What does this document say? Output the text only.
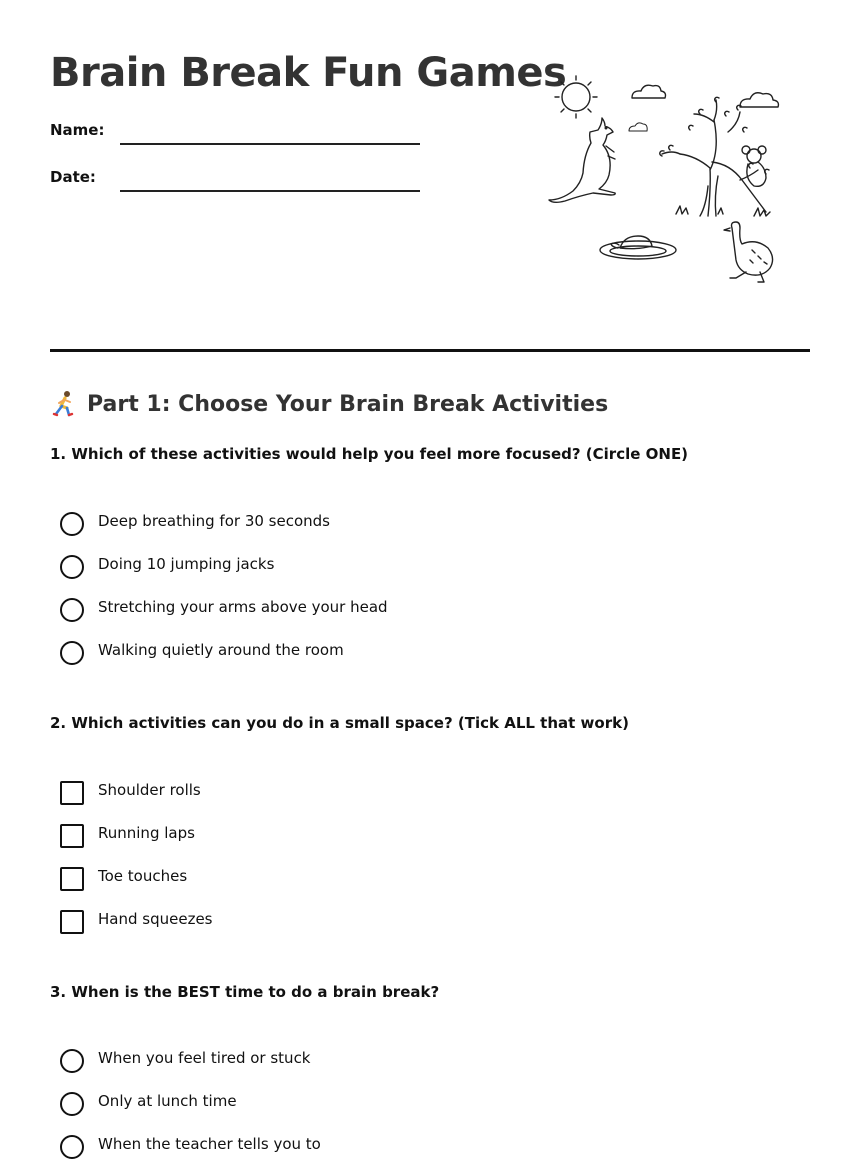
Brain Break Fun Games
Name:
Date:
Part 1: Choose Your Brain Break Activities

1. Which of these activities would help you feel more focused? (Circle ONE)

Deep breathing for 30 seconds
Doing 10 jumping jacks
Stretching your arms above your head
Walking quietly around the room

2. Which activities can you do in a small space? (Tick ALL that work)

Shoulder rolls
Running laps
Toe touches
Hand squeezes

3. When is the BEST time to do a brain break?

When you feel tired or stuck
Only at lunch time
When the teacher tells you to
